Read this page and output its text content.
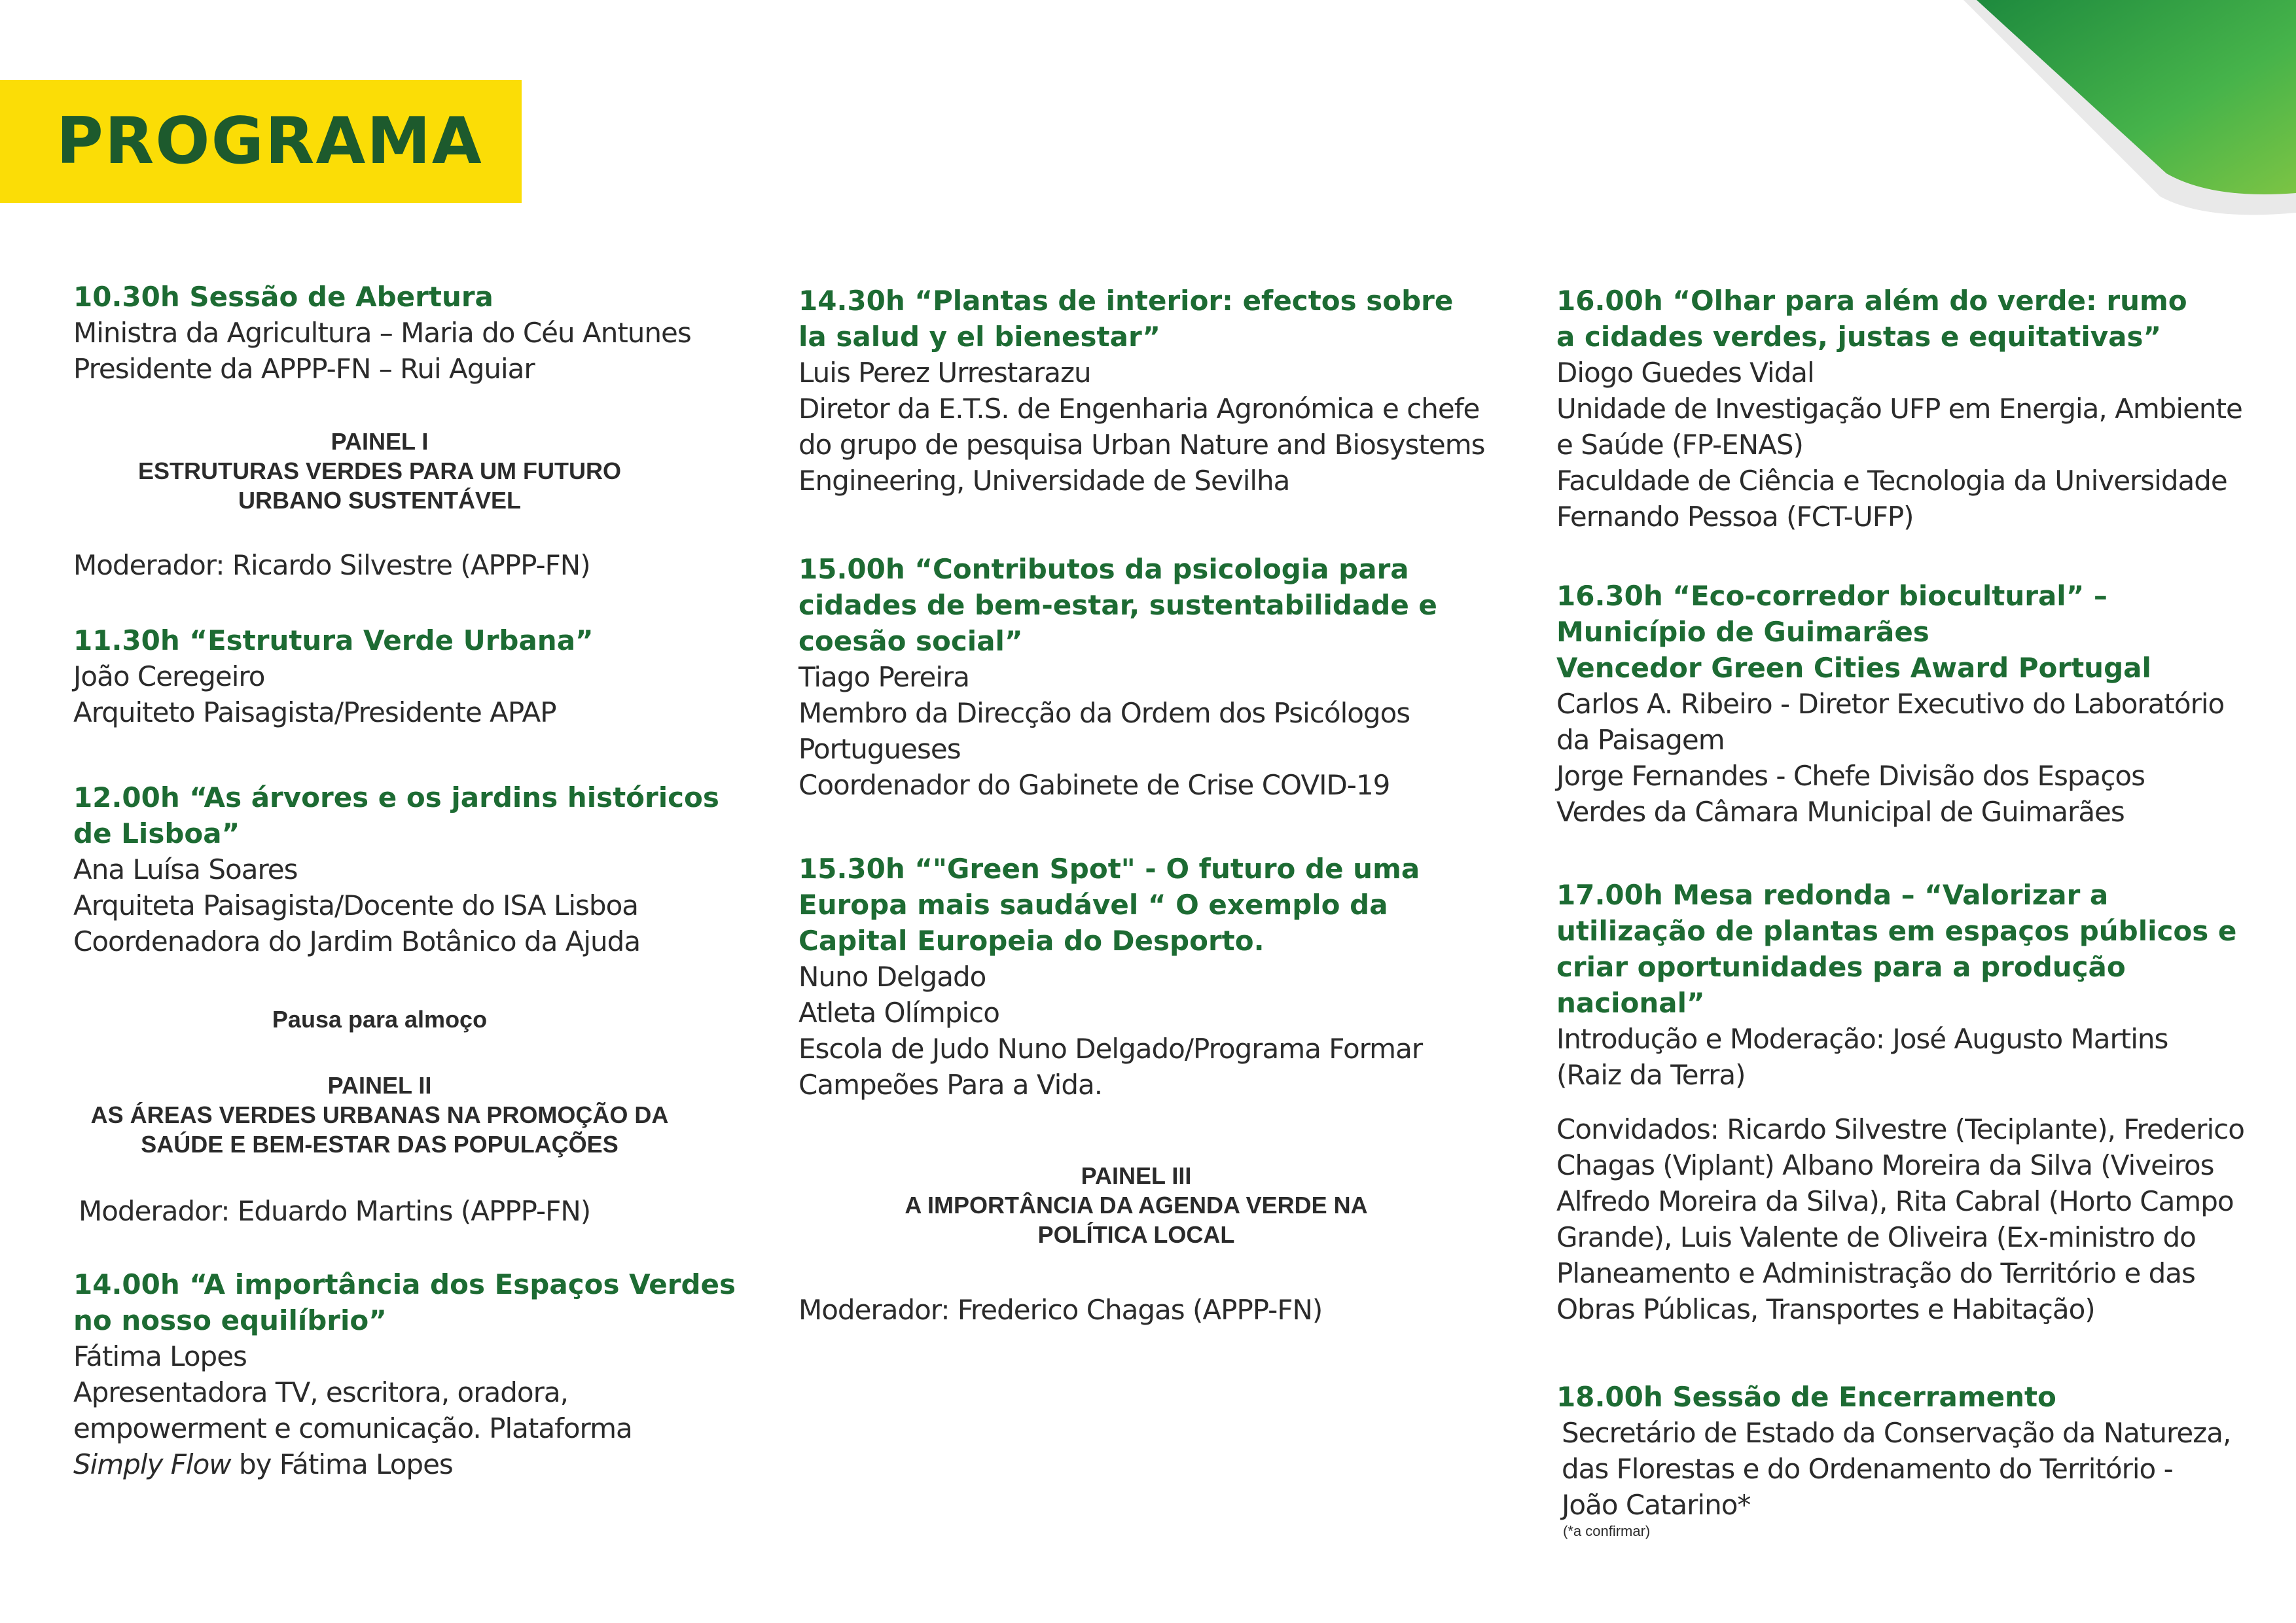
PROGRAMA
10.30h Sessão de Abertura
Ministra da Agricultura – Maria do Céu Antunes
Presidente da APPP-FN – Rui Aguiar
PAINEL I
ESTRUTURAS VERDES PARA UM FUTURO
URBANO SUSTENTÁVEL
Moderador: Ricardo Silvestre (APPP-FN)
11.30h “Estrutura Verde Urbana”
João Ceregeiro
Arquiteto Paisagista/Presidente APAP
12.00h “As árvores e os jardins históricos
de Lisboa”
Ana Luísa Soares
Arquiteta Paisagista/Docente do ISA Lisboa
Coordenadora do Jardim Botânico da Ajuda
Pausa para almoço
PAINEL II
AS ÁREAS VERDES URBANAS NA PROMOÇÃO DA
SAÚDE E BEM-ESTAR DAS POPULAÇÕES
Moderador: Eduardo Martins (APPP-FN)
14.00h “A importância dos Espaços Verdes
no nosso equilíbrio”
Fátima Lopes
Apresentadora TV, escritora, oradora,
empowerment e comunicação. Plataforma
Simply Flow by Fátima Lopes
14.30h “Plantas de interior: efectos sobre
la salud y el bienestar”
Luis Perez Urrestarazu
Diretor da E.T.S. de Engenharia Agronómica e chefe
do grupo de pesquisa Urban Nature and Biosystems
Engineering, Universidade de Sevilha
15.00h “Contributos da psicologia para
cidades de bem-estar, sustentabilidade e
coesão social”
Tiago Pereira
Membro da Direcção da Ordem dos Psicólogos
Portugueses
Coordenador do Gabinete de Crise COVID-19
15.30h “"Green Spot" - O futuro de uma
Europa mais saudável “ O exemplo da
Capital Europeia do Desporto.
Nuno Delgado
Atleta Olímpico
Escola de Judo Nuno Delgado/Programa Formar
Campeões Para a Vida.
PAINEL III
A IMPORTÂNCIA DA AGENDA VERDE NA
POLÍTICA LOCAL
Moderador: Frederico Chagas (APPP-FN)
16.00h “Olhar para além do verde: rumo
a cidades verdes, justas e equitativas”
Diogo Guedes Vidal
Unidade de Investigação UFP em Energia, Ambiente
e Saúde (FP-ENAS)
Faculdade de Ciência e Tecnologia da Universidade
Fernando Pessoa (FCT-UFP)
16.30h “Eco-corredor biocultural” –
Município de Guimarães
Vencedor Green Cities Award Portugal
Carlos A. Ribeiro - Diretor Executivo do Laboratório
da Paisagem
Jorge Fernandes - Chefe Divisão dos Espaços
Verdes da Câmara Municipal de Guimarães
17.00h Mesa redonda – “Valorizar a
utilização de plantas em espaços públicos e
criar oportunidades para a produção
nacional”
Introdução e Moderação: José Augusto Martins
(Raiz da Terra)
Convidados: Ricardo Silvestre (Teciplante), Frederico
Chagas (Viplant) Albano Moreira da Silva (Viveiros
Alfredo Moreira da Silva), Rita Cabral (Horto Campo
Grande), Luis Valente de Oliveira (Ex-ministro do
Planeamento e Administração do Território e das
Obras Públicas, Transportes e Habitação)
18.00h Sessão de Encerramento
Secretário de Estado da Conservação da Natureza,
das Florestas e do Ordenamento do Território -
João Catarino*
(*a confirmar)
